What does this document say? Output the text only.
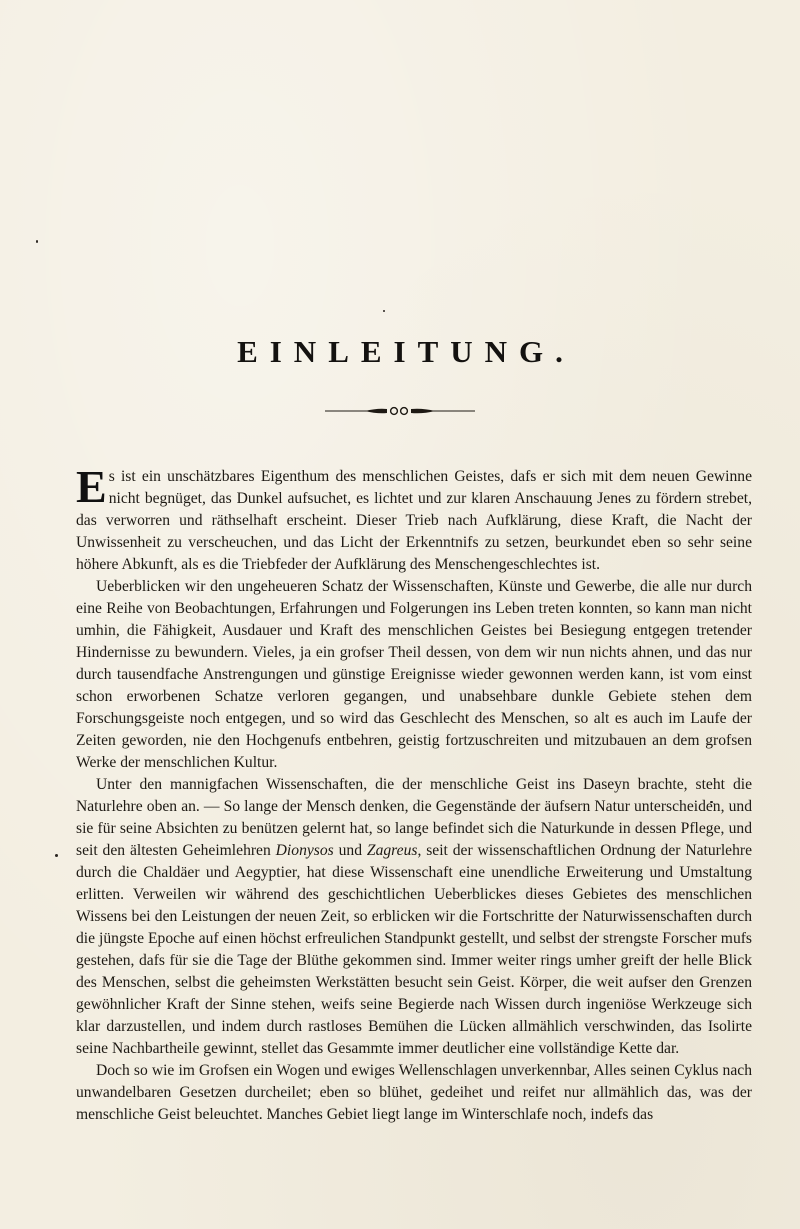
EINLEITUNG.

Es ist ein unschätzbares Eigenthum des menschlichen Geistes, dafs er sich mit dem neuen Gewinne nicht begnüget, das Dunkel aufsuchet, es lichtet und zur klaren Anschauung Jenes zu fördern strebet, das verworren und räthselhaft erscheint. Dieser Trieb nach Aufklärung, diese Kraft, die Nacht der Unwissenheit zu verscheuchen, und das Licht der Erkenntnifs zu setzen, beurkundet eben so sehr seine höhere Abkunft, als es die Triebfeder der Aufklärung des Menschengeschlechtes ist.

Ueberblicken wir den ungeheueren Schatz der Wissenschaften, Künste und Gewerbe, die alle nur durch eine Reihe von Beobachtungen, Erfahrungen und Folgerungen ins Leben treten konnten, so kann man nicht umhin, die Fähigkeit, Ausdauer und Kraft des menschlichen Geistes bei Besiegung entgegen tretender Hindernisse zu bewundern. Vieles, ja ein grofser Theil dessen, von dem wir nun nichts ahnen, und das nur durch tausendfache Anstrengungen und günstige Ereignisse wieder gewonnen werden kann, ist vom einst schon erworbenen Schatze verloren gegangen, und unabsehbare dunkle Gebiete stehen dem Forschungsgeiste noch entgegen, und so wird das Geschlecht des Menschen, so alt es auch im Laufe der Zeiten geworden, nie den Hochgenufs entbehren, geistig fortzuschreiten und mitzubauen an dem grofsen Werke der menschlichen Kultur.

Unter den mannigfachen Wissenschaften, die der menschliche Geist ins Daseyn brachte, steht die Naturlehre oben an. — So lange der Mensch denken, die Gegenstände der äufsern Natur unterscheiden, und sie für seine Absichten zu benützen gelernt hat, so lange befindet sich die Naturkunde in dessen Pflege, und seit den ältesten Geheimlehren Dionysos und Zagreus, seit der wissenschaftlichen Ordnung der Naturlehre durch die Chaldäer und Aegyptier, hat diese Wissenschaft eine unendliche Erweiterung und Umstaltung erlitten. Verweilen wir während des geschichtlichen Ueberblickes dieses Gebietes des menschlichen Wissens bei den Leistungen der neuen Zeit, so erblicken wir die Fortschritte der Naturwissenschaften durch die jüngste Epoche auf einen höchst erfreulichen Standpunkt gestellt, und selbst der strengste Forscher mufs gestehen, dafs für sie die Tage der Blüthe gekommen sind. Immer weiter rings umher greift der helle Blick des Menschen, selbst die geheimsten Werkstätten besucht sein Geist. Körper, die weit aufser den Grenzen gewöhnlicher Kraft der Sinne stehen, weifs seine Begierde nach Wissen durch ingeniöse Werkzeuge sich klar darzustellen, und indem durch rastloses Bemühen die Lücken allmählich verschwinden, das Isolirte seine Nachbartheile gewinnt, stellet das Gesammte immer deutlicher eine vollständige Kette dar.

Doch so wie im Grofsen ein Wogen und ewiges Wellenschlagen unverkennbar, Alles seinen Cyklus nach unwandelbaren Gesetzen durcheilet; eben so blühet, gedeihet und reifet nur allmählich das, was der menschliche Geist beleuchtet. Manches Gebiet liegt lange im Winterschlafe noch, indefs das
